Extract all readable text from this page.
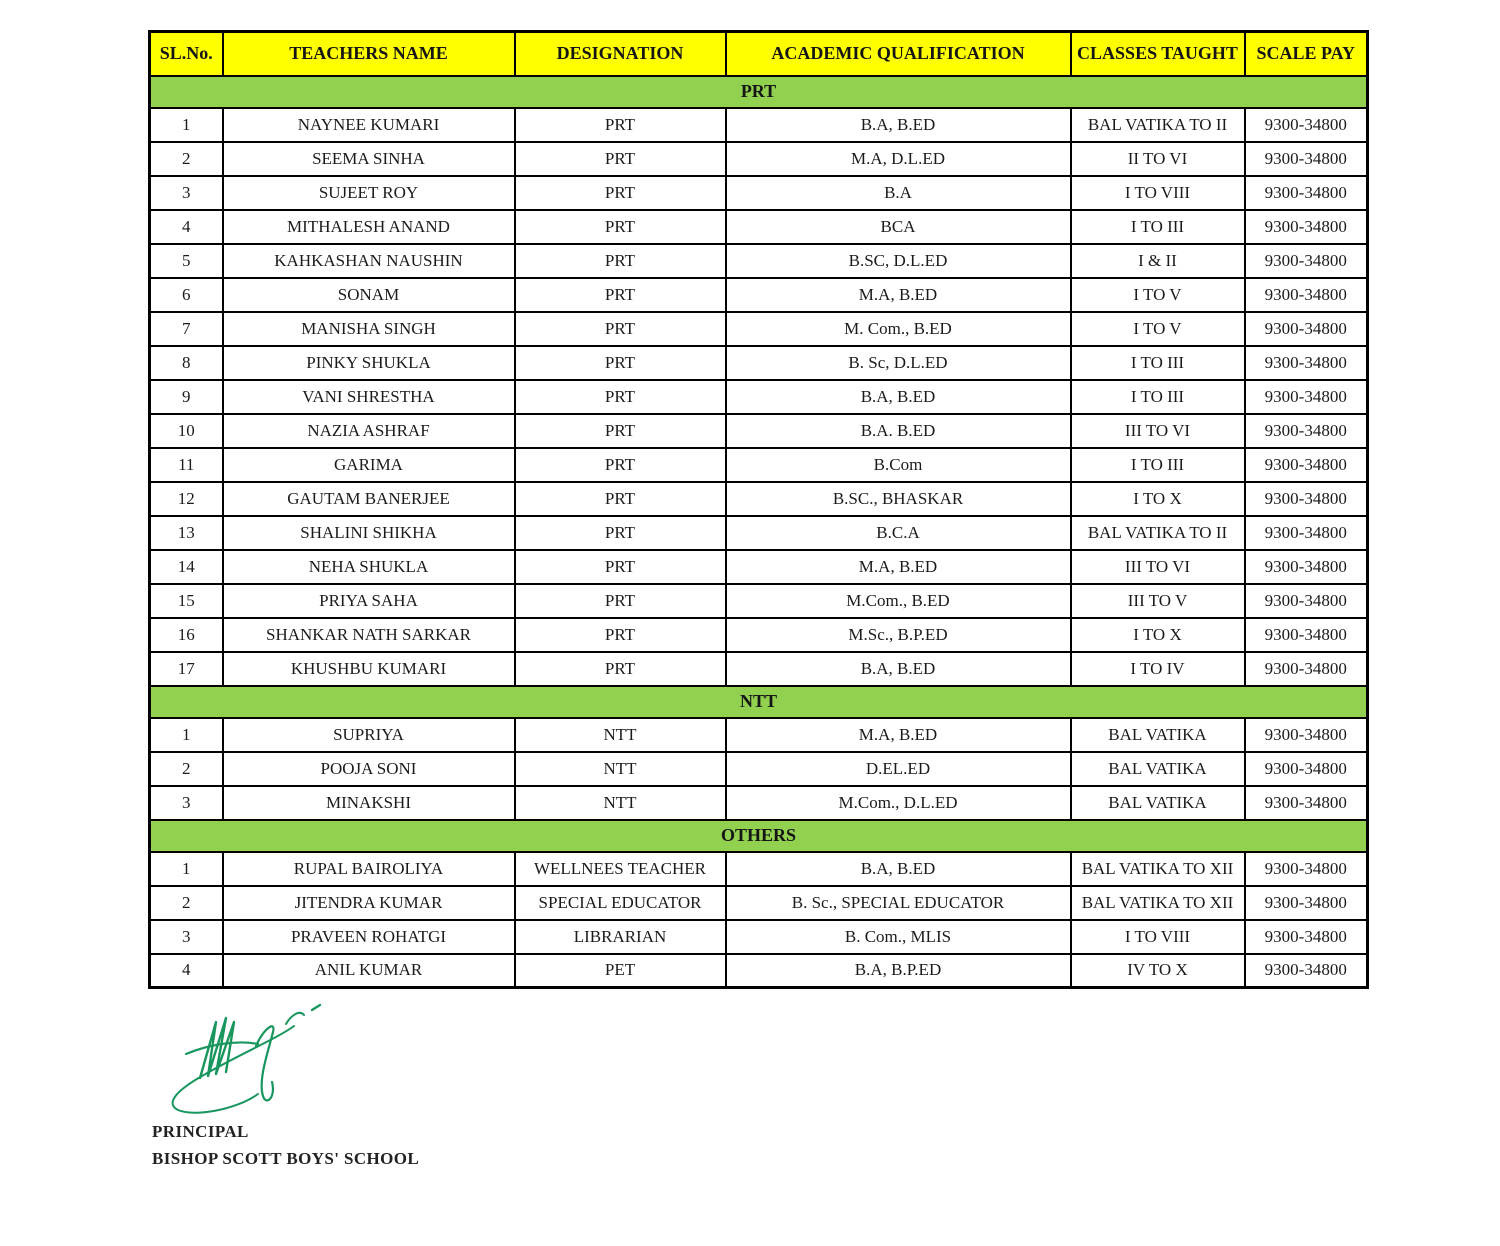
SL.No.	TEACHERS NAME	DESIGNATION	ACADEMIC QUALIFICATION	CLASSES TAUGHT	SCALE PAY
PRT					
1	NAYNEE KUMARI	PRT	B.A, B.ED	BAL VATIKA TO II	9300-34800
2	SEEMA SINHA	PRT	M.A, D.L.ED	II TO VI	9300-34800
3	SUJEET ROY	PRT	B.A	I TO VIII	9300-34800
4	MITHALESH ANAND	PRT	BCA	I TO III	9300-34800
5	KAHKASHAN NAUSHIN	PRT	B.SC, D.L.ED	I & II	9300-34800
6	SONAM	PRT	M.A, B.ED	I TO V	9300-34800
7	MANISHA SINGH	PRT	M. Com., B.ED	I TO V	9300-34800
8	PINKY SHUKLA	PRT	B. Sc, D.L.ED	I TO III	9300-34800
9	VANI SHRESTHA	PRT	B.A, B.ED	I TO III	9300-34800
10	NAZIA ASHRAF	PRT	B.A. B.ED	III TO VI	9300-34800
11	GARIMA	PRT	B.Com	I TO III	9300-34800
12	GAUTAM BANERJEE	PRT	B.SC., BHASKAR	I TO X	9300-34800
13	SHALINI SHIKHA	PRT	B.C.A	BAL VATIKA TO II	9300-34800
14	NEHA SHUKLA	PRT	M.A, B.ED	III TO VI	9300-34800
15	PRIYA SAHA	PRT	M.Com., B.ED	III TO V	9300-34800
16	SHANKAR NATH SARKAR	PRT	M.Sc., B.P.ED	I TO X	9300-34800
17	KHUSHBU KUMARI	PRT	B.A, B.ED	I TO IV	9300-34800
NTT					
1	SUPRIYA	NTT	M.A, B.ED	BAL VATIKA	9300-34800
2	POOJA SONI	NTT	D.EL.ED	BAL VATIKA	9300-34800
3	MINAKSHI	NTT	M.Com., D.L.ED	BAL VATIKA	9300-34800
OTHERS					
1	RUPAL BAIROLIYA	WELLNEES TEACHER	B.A, B.ED	BAL VATIKA TO XII	9300-34800
2	JITENDRA KUMAR	SPECIAL EDUCATOR	B. Sc., SPECIAL EDUCATOR	BAL VATIKA TO XII	9300-34800
3	PRAVEEN ROHATGI	LIBRARIAN	B. Com., MLIS	I TO VIII	9300-34800
4	ANIL KUMAR	PET	B.A, B.P.ED	IV TO X	9300-34800
PRINCIPAL
BISHOP SCOTT BOYS' SCHOOL
